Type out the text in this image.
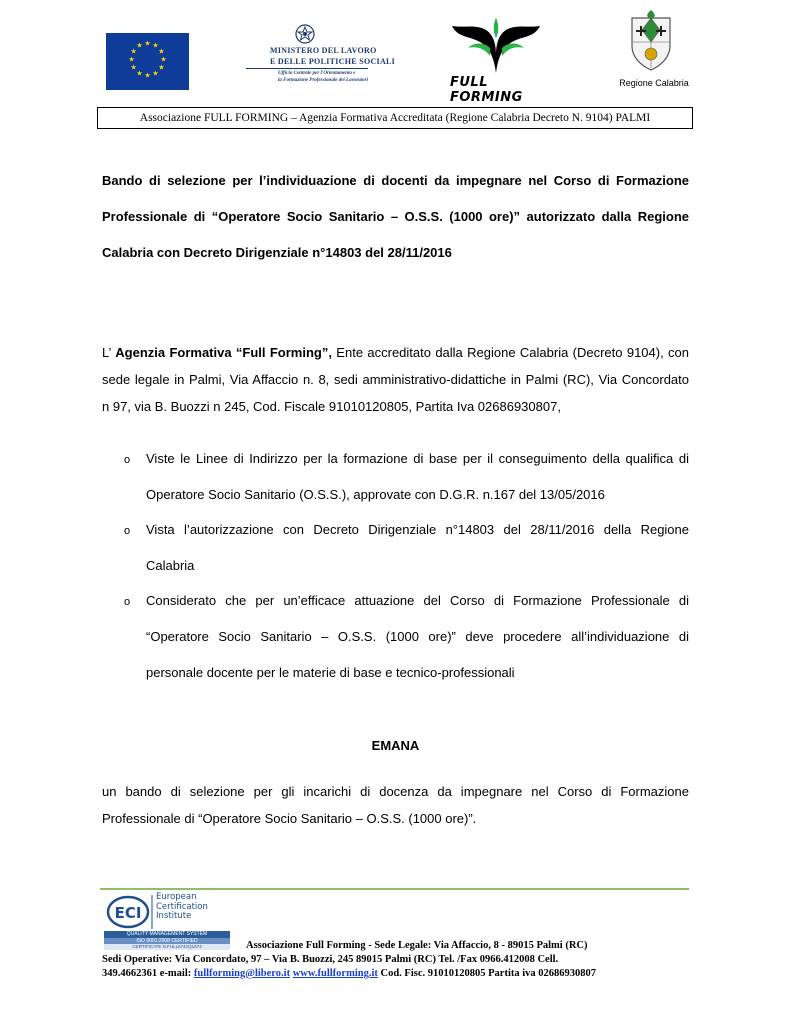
★ ★
★
★
★
★
★
★
★
★
★
★
MINISTERO DEL LAVORO
E DELLE POLITICHE SOCIALI
Ufficio Centrale per l'Orientamento e
la Formazione Professionale dei Lavoratori	FULL FORMING
Regione Calabria
Associazione FULL FORMING – Agenzia Formativa Accreditata (Regione Calabria Decreto N. 9104) PALMI
Bando di selezione per l’individuazione di docenti da impegnare nel Corso di Formazione
Professionale di “Operatore Socio Sanitario – O.S.S. (1000 ore)” autorizzato dalla Regione
Calabria con Decreto Dirigenziale n°14803 del 28/11/2016
L’ Agenzia Formativa “Full Forming”, Ente accreditato dalla Regione Calabria (Decreto 9104), con
sede legale in Palmi, Via Affaccio n. 8, sedi amministrativo-didattiche in Palmi (RC), Via Concordato
n 97, via B. Buozzi n 245, Cod. Fiscale 91010120805, Partita Iva 02686930807,
o Viste le Linee di Indirizzo per la formazione di base per il conseguimento della qualifica di
Operatore Socio Sanitario (O.S.S.), approvate con D.G.R. n.167 del 13/05/2016
o Vista l’autorizzazione con Decreto Dirigenziale n°14803 del 28/11/2016 della Regione
Calabria
o Considerato che per un’efficace attuazione del Corso di Formazione Professionale di
“Operatore Socio Sanitario – O.S.S. (1000 ore)” deve procedere all’individuazione di
personale docente per le materie di base e tecnico-professionali
EMANA
un bando di selezione per gli incarichi di docenza da impegnare nel Corso di Formazione
Professionale di “Operatore Socio Sanitario – O.S.S. (1000 ore)”.
ECI
European
Certification
Institute
QUALITY MANAGEMENT SYSTEM
ISO 9001:2008 CERTIFIED
CERTIFICATE N.FULL6741Q1674	Associazione Full Forming - Sede Legale: Via Affaccio, 8 - 89015 Palmi (RC)
Sedi Operative: Via Concordato, 97 – Via B. Buozzi, 245 89015 Palmi (RC) Tel. /Fax 0966.412008 Cell.
349.4662361 e-mail: fullforming@libero.it www.fullforming.it Cod. Fisc. 91010120805 Partita iva 02686930807
